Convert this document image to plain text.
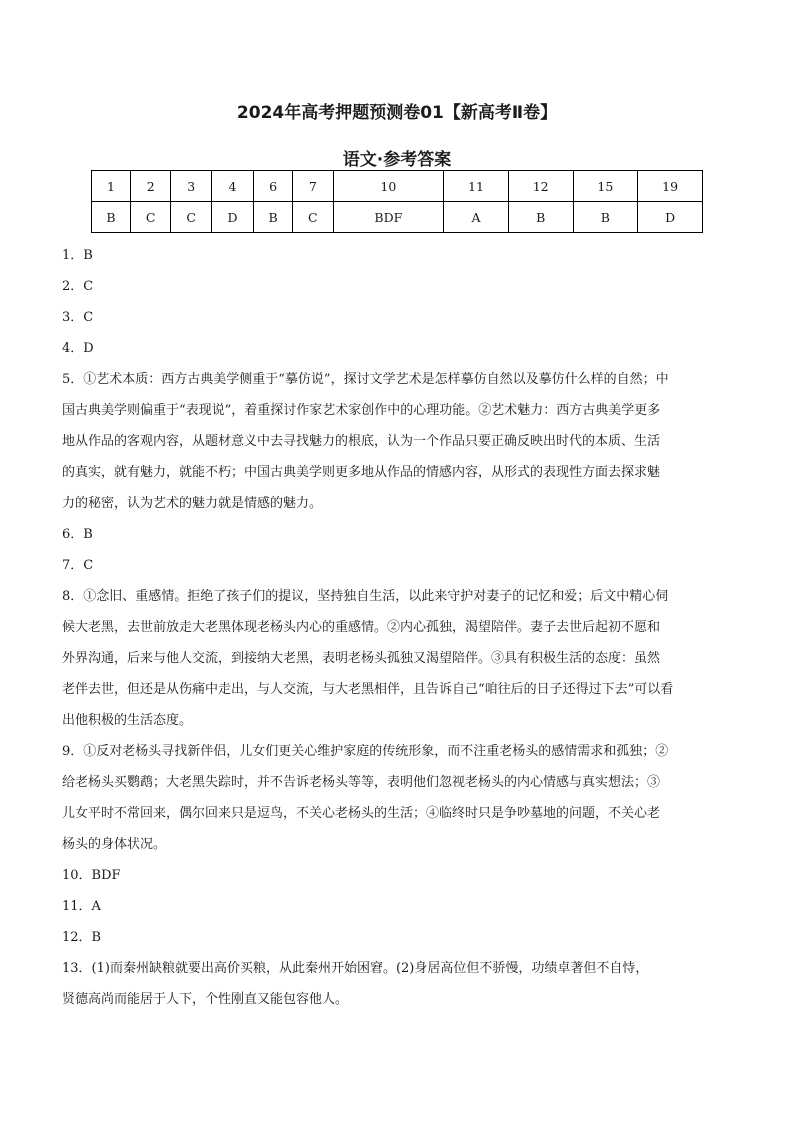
2024年高考押题预测卷01【新高考Ⅱ卷】
语文·参考答案
1	2	3	4	6	7	10	11	12	15	19
B	C	C	D	B	C	BDF	A	B	B	D
1．B
2．C
3．C
4．D
5．①艺术本质：西方古典美学侧重于“摹仿说”，探讨文学艺术是怎样摹仿自然以及摹仿什么样的自然；中
国古典美学则偏重于“表现说”，着重探讨作家艺术家创作中的心理功能。②艺术魅力：西方古典美学更多
地从作品的客观内容，从题材意义中去寻找魅力的根底，认为一个作品只要正确反映出时代的本质、生活
的真实，就有魅力，就能不朽；中国古典美学则更多地从作品的情感内容，从形式的表现性方面去探求魅
力的秘密，认为艺术的魅力就是情感的魅力。
6．B
7．C
8．①念旧、重感情。拒绝了孩子们的提议，坚持独自生活，以此来守护对妻子的记忆和爱；后文中精心伺
候大老黑，去世前放走大老黑体现老杨头内心的重感情。②内心孤独，渴望陪伴。妻子去世后起初不愿和
外界沟通，后来与他人交流，到接纳大老黑，表明老杨头孤独又渴望陪伴。③具有积极生活的态度：虽然
老伴去世，但还是从伤痛中走出，与人交流，与大老黑相伴，且告诉自己“咱往后的日子还得过下去”可以看
出他积极的生活态度。
9．①反对老杨头寻找新伴侣，儿女们更关心维护家庭的传统形象，而不注重老杨头的感情需求和孤独；②
给老杨头买鹦鹉；大老黑失踪时，并不告诉老杨头等等，表明他们忽视老杨头的内心情感与真实想法；③
儿女平时不常回来，偶尔回来只是逗鸟，不关心老杨头的生活；④临终时只是争吵墓地的问题，不关心老
杨头的身体状况。
10．BDF
11．A
12．B
13．(1)而秦州缺粮就要出高价买粮，从此秦州开始困窘。(2)身居高位但不骄慢，功绩卓著但不自恃，
贤德高尚而能居于人下，个性刚直又能包容他人。
